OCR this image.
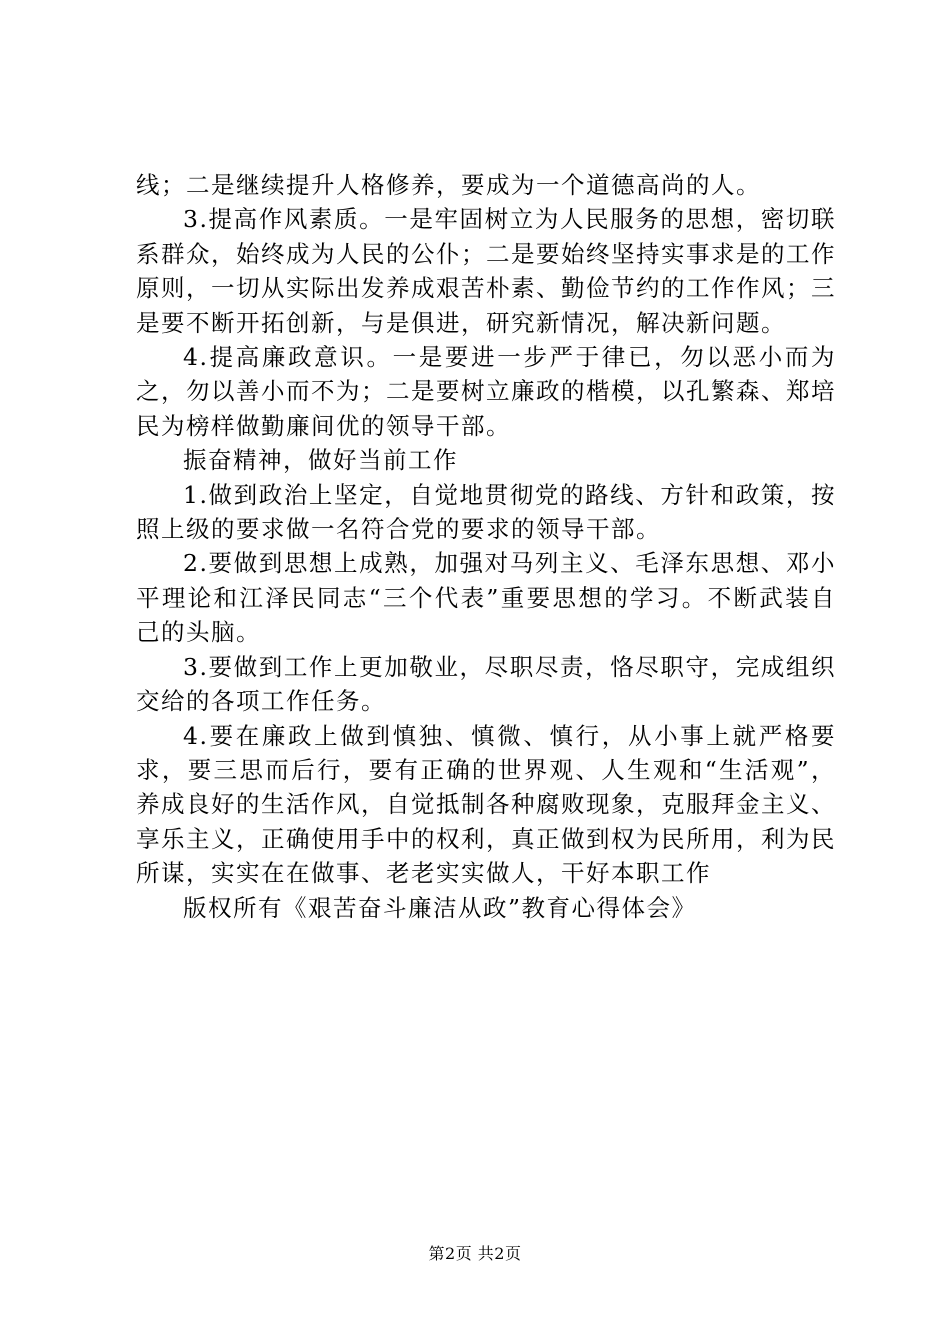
线；二是继续提升人格修养，要成为一个道德高尚的人。

3.提高作风素质。一是牢固树立为人民服务的思想，密切联系群众，始终成为人民的公仆；二是要始终坚持实事求是的工作原则，一切从实际出发养成艰苦朴素、勤俭节约的工作作风；三是要不断开拓创新，与是俱进，研究新情况，解决新问题。

4.提高廉政意识。一是要进一步严于律已，勿以恶小而为之，勿以善小而不为；二是要树立廉政的楷模，以孔繁森、郑培民为榜样做勤廉间优的领导干部。

振奋精神，做好当前工作

1.做到政治上坚定，自觉地贯彻党的路线、方针和政策，按照上级的要求做一名符合党的要求的领导干部。

2.要做到思想上成熟，加强对马列主义、毛泽东思想、邓小平理论和江泽民同志“三个代表”重要思想的学习。不断武装自己的头脑。

3.要做到工作上更加敬业，尽职尽责，恪尽职守，完成组织交给的各项工作任务。

4.要在廉政上做到慎独、慎微、慎行，从小事上就严格要求，要三思而后行，要有正确的世界观、人生观和“生活观”，养成良好的生活作风，自觉抵制各种腐败现象，克服拜金主义、享乐主义，正确使用手中的权利，真正做到权为民所用，利为民所谋，实实在在做事、老老实实做人，干好本职工作

版权所有《艰苦奋斗廉洁从政”教育心得体会》

第2页 共2页
